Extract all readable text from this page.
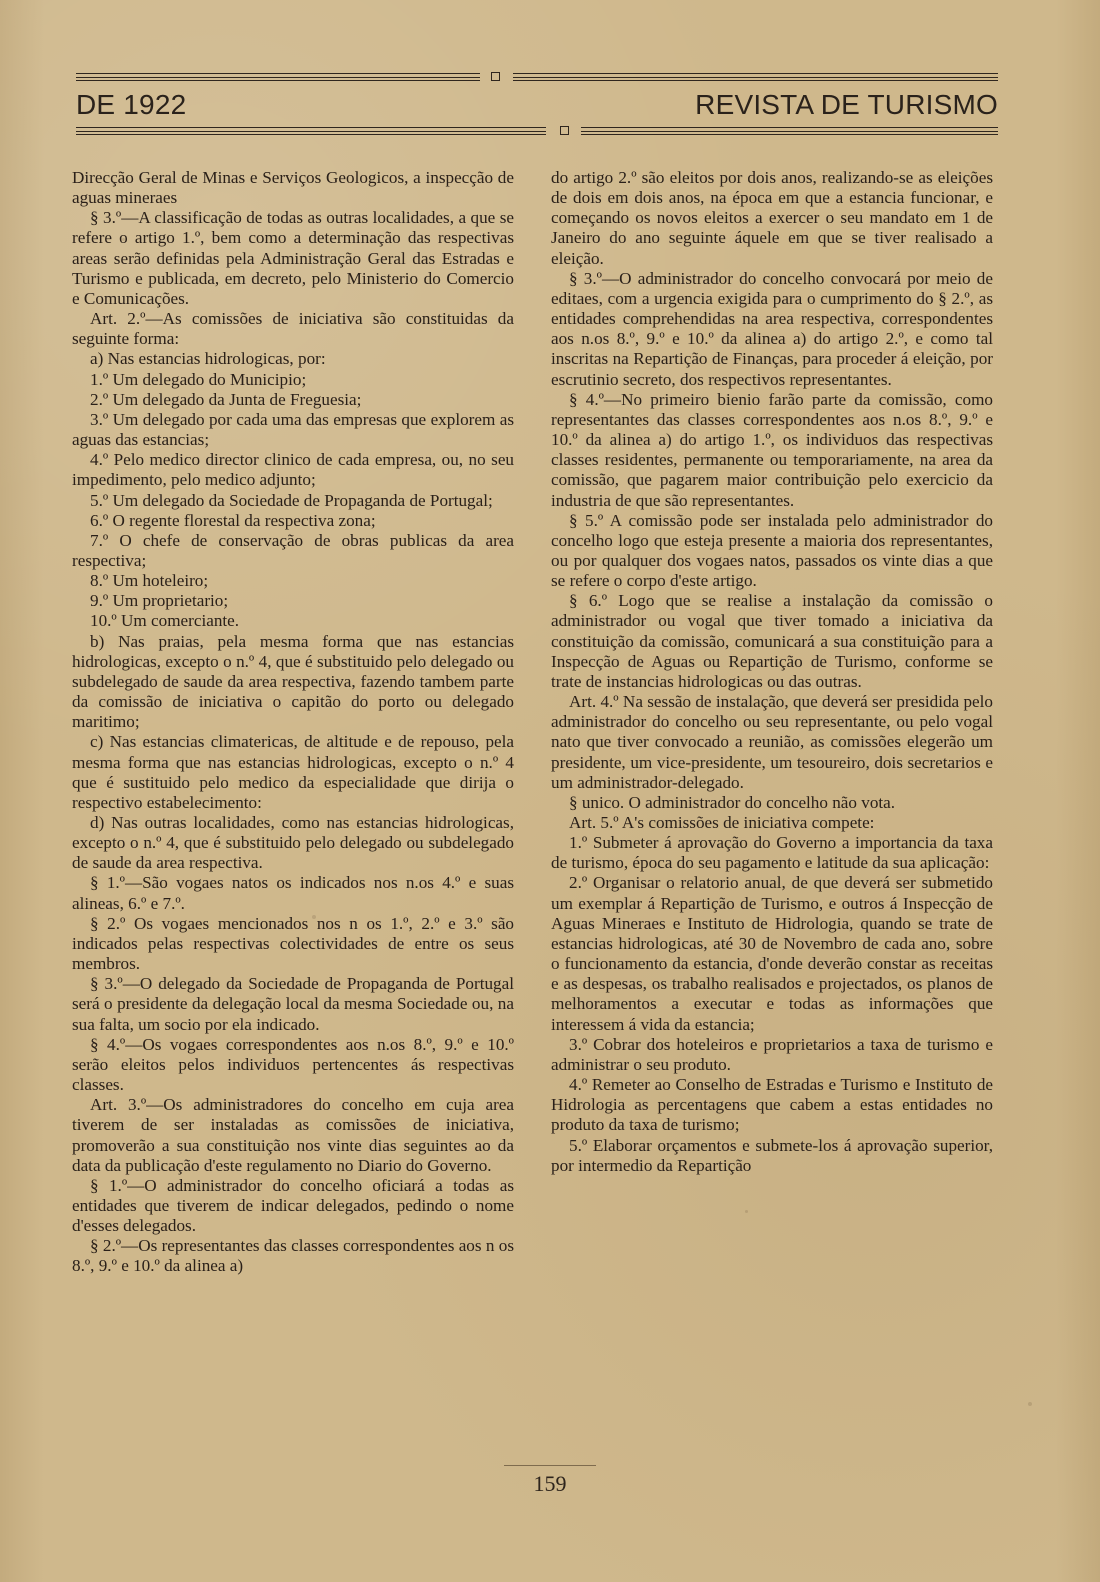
DE 1922	REVISTA DE TURISMO

Direcção Geral de Minas e Serviços Geologicos, a inspecção de aguas mineraes

§ 3.º—A classificação de todas as outras localidades, a que se refere o artigo 1.º, bem como a determinação das respectivas areas serão definidas pela Administração Geral das Estradas e Turismo e publicada, em decreto, pelo Ministerio do Comercio e Comunicações.

Art. 2.º—As comissões de iniciativa são constituidas da seguinte forma:

a) Nas estancias hidrologicas, por:

1.º Um delegado do Municipio;

2.º Um delegado da Junta de Freguesia;

3.º Um delegado por cada uma das empresas que explorem as aguas das estancias;

4.º Pelo medico director clinico de cada empresa, ou, no seu impedimento, pelo medico adjunto;

5.º Um delegado da Sociedade de Propaganda de Portugal;

6.º O regente florestal da respectiva zona;

7.º O chefe de conservação de obras publicas da area respectiva;

8.º Um hoteleiro;

9.º Um proprietario;

10.º Um comerciante.

b) Nas praias, pela mesma forma que nas estancias hidrologicas, excepto o n.º 4, que é substituido pelo delegado ou subdelegado de saude da area respectiva, fazendo tambem parte da comissão de iniciativa o capitão do porto ou delegado maritimo;

c) Nas estancias climatericas, de altitude e de repouso, pela mesma forma que nas estancias hidrologicas, excepto o n.º 4 que é sustituido pelo medico da especialidade que dirija o respectivo estabelecimento:

d) Nas outras localidades, como nas estancias hidrologicas, excepto o n.º 4, que é substituido pelo delegado ou subdelegado de saude da area respectiva.

§ 1.º—São vogaes natos os indicados nos n.os 4.º e suas alineas, 6.º e 7.º.

§ 2.º Os vogaes mencionados nos n os 1.º, 2.º e 3.º são indicados pelas respectivas colectividades de entre os seus membros.

§ 3.º—O delegado da Sociedade de Propaganda de Portugal será o presidente da delegação local da mesma Sociedade ou, na sua falta, um socio por ela indicado.

§ 4.º—Os vogaes correspondentes aos n.os 8.º, 9.º e 10.º serão eleitos pelos individuos pertencentes ás respectivas classes.

Art. 3.º—Os administradores do concelho em cuja area tiverem de ser instaladas as comissões de iniciativa, promoverão a sua constituição nos vinte dias seguintes ao da data da publicação d'este regulamento no Diario do Governo.

§ 1.º—O administrador do concelho oficiará a todas as entidades que tiverem de indicar delegados, pedindo o nome d'esses delegados.

§ 2.º—Os representantes das classes correspondentes aos n os 8.º, 9.º e 10.º da alinea a)

do artigo 2.º são eleitos por dois anos, realizando-se as eleições de dois em dois anos, na época em que a estancia funcionar, e começando os novos eleitos a exercer o seu mandato em 1 de Janeiro do ano seguinte áquele em que se tiver realisado a eleição.

§ 3.º—O administrador do concelho convocará por meio de editaes, com a urgencia exigida para o cumprimento do § 2.º, as entidades comprehendidas na area respectiva, correspondentes aos n.os 8.º, 9.º e 10.º da alinea a) do artigo 2.º, e como tal inscritas na Repartição de Finanças, para proceder á eleição, por escrutinio secreto, dos respectivos representantes.

§ 4.º—No primeiro bienio farão parte da comissão, como representantes das classes correspondentes aos n.os 8.º, 9.º e 10.º da alinea a) do artigo 1.º, os individuos das respectivas classes residentes, permanente ou temporariamente, na area da comissão, que pagarem maior contribuição pelo exercicio da industria de que são representantes.

§ 5.º A comissão pode ser instalada pelo administrador do concelho logo que esteja presente a maioria dos representantes, ou por qualquer dos vogaes natos, passados os vinte dias a que se refere o corpo d'este artigo.

§ 6.º Logo que se realise a instalação da comissão o administrador ou vogal que tiver tomado a iniciativa da constituição da comissão, comunicará a sua constituição para a Inspecção de Aguas ou Repartição de Turismo, conforme se trate de instancias hidrologicas ou das outras.

Art. 4.º Na sessão de instalação, que deverá ser presidida pelo administrador do concelho ou seu representante, ou pelo vogal nato que tiver convocado a reunião, as comissões elegerão um presidente, um vice-presidente, um tesoureiro, dois secretarios e um administrador-delegado.

§ unico. O administrador do concelho não vota.

Art. 5.º A's comissões de iniciativa compete:

1.º Submeter á aprovação do Governo a importancia da taxa de turismo, época do seu pagamento e latitude da sua aplicação:

2.º Organisar o relatorio anual, de que deverá ser submetido um exemplar á Repartição de Turismo, e outros á Inspecção de Aguas Mineraes e Instituto de Hidrologia, quando se trate de estancias hidrologicas, até 30 de Novembro de cada ano, sobre o funcionamento da estancia, d'onde deverão constar as receitas e as despesas, os trabalho realisados e projectados, os planos de melhoramentos a executar e todas as informações que interessem á vida da estancia;

3.º Cobrar dos hoteleiros e proprietarios a taxa de turismo e administrar o seu produto.

4.º Remeter ao Conselho de Estradas e Turismo e Instituto de Hidrologia as percentagens que cabem a estas entidades no produto da taxa de turismo;

5.º Elaborar orçamentos e submete-los á aprovação superior, por intermedio da Repartição

159
